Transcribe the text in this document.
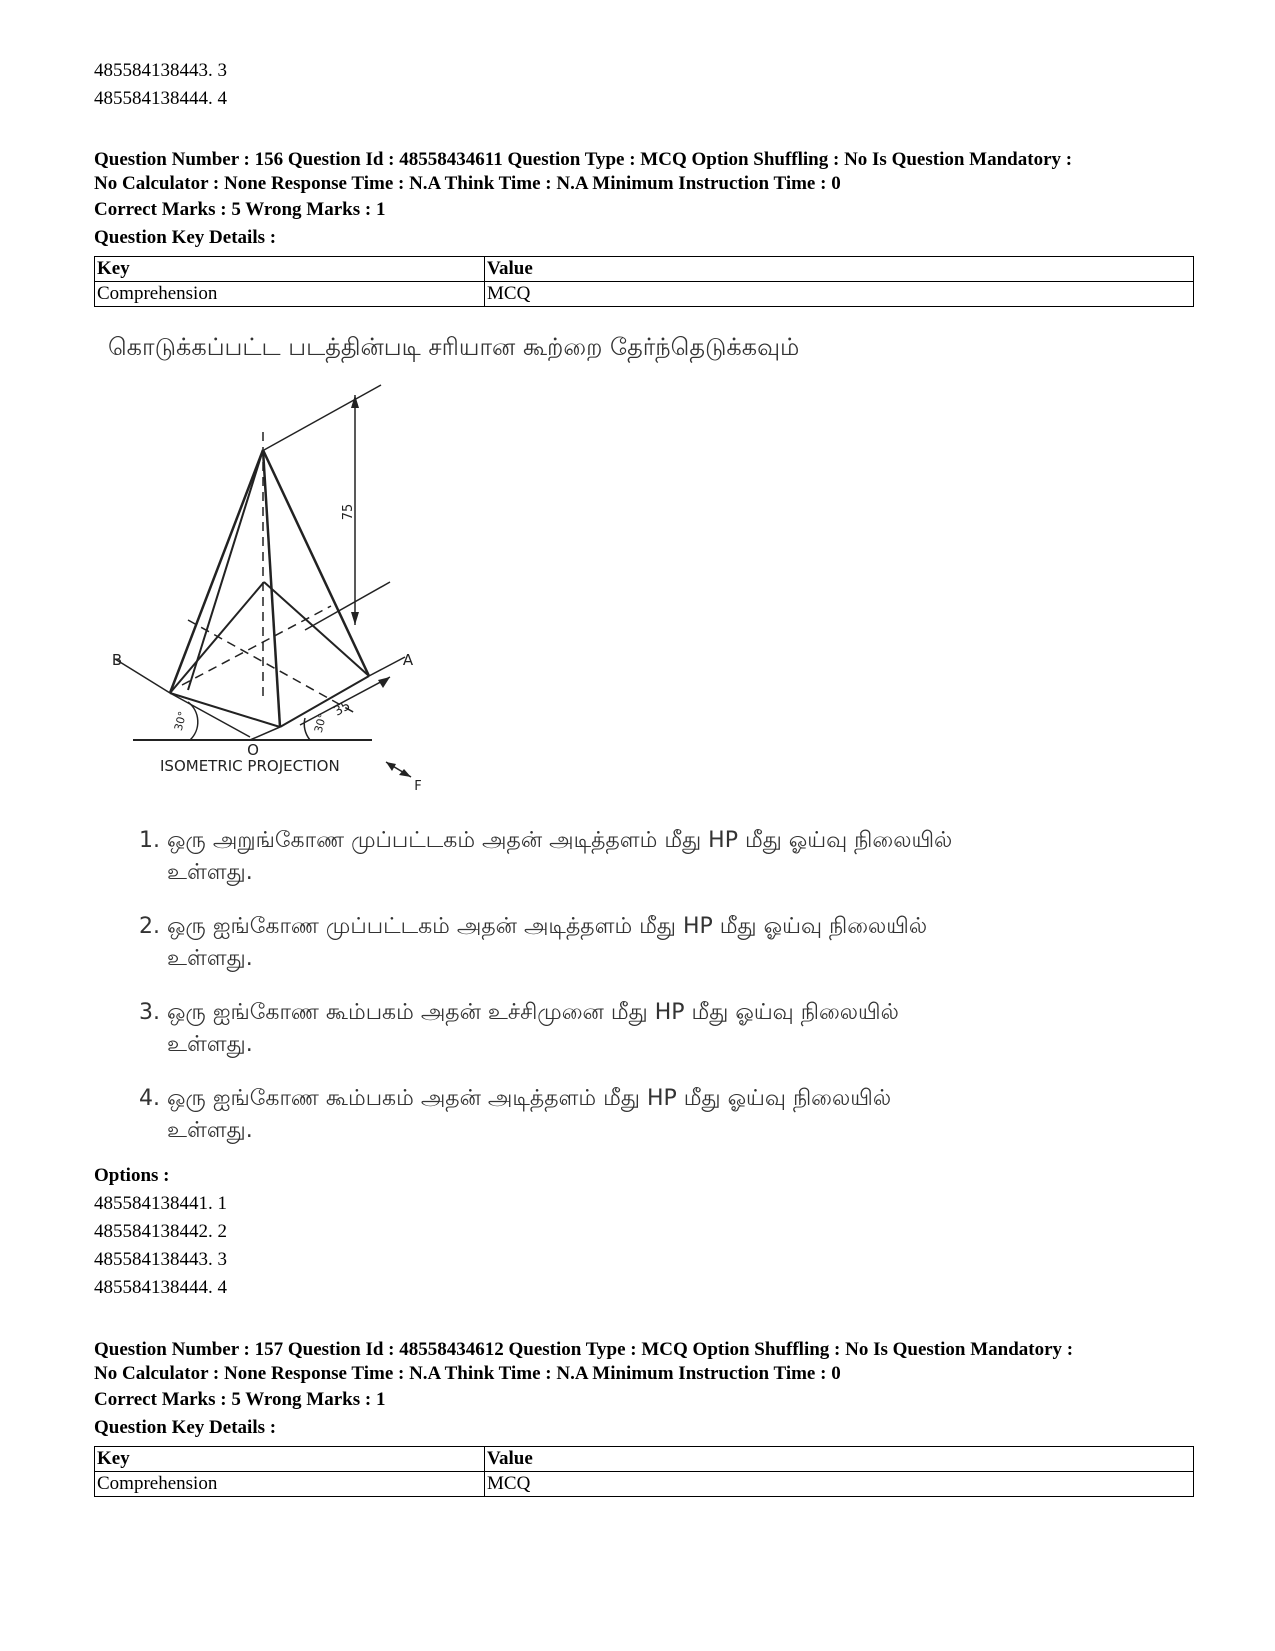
485584138443. 3
485584138444. 4
Question Number : 156 Question Id : 48558434611 Question Type : MCQ Option Shuffling : No Is Question Mandatory :
No Calculator : None Response Time : N.A Think Time : N.A Minimum Instruction Time : 0
Correct Marks : 5 Wrong Marks : 1
Question Key Details :
Key	Value
Comprehension	MCQ
கொடுக்கப்பட்ட படத்தின்படி சரியான கூற்றை தேர்ந்தெடுக்கவும்
B	A
O
F
75
35
30°	30°
ISOMETRIC PROJECTION
1. ஒரு அறுங்கோண முப்பட்டகம் அதன் அடித்தளம் மீது HP மீது ஓய்வு நிலையில்
உள்ளது.
2. ஒரு ஐங்கோண முப்பட்டகம் அதன் அடித்தளம் மீது HP மீது ஓய்வு நிலையில்
உள்ளது.
3. ஒரு ஐங்கோண கூம்பகம் அதன் உச்சிமுனை மீது HP மீது ஓய்வு நிலையில்
உள்ளது.
4. ஒரு ஐங்கோண கூம்பகம் அதன் அடித்தளம் மீது HP மீது ஓய்வு நிலையில்
உள்ளது.
Options :
485584138441. 1
485584138442. 2
485584138443. 3
485584138444. 4
Question Number : 157 Question Id : 48558434612 Question Type : MCQ Option Shuffling : No Is Question Mandatory :
No Calculator : None Response Time : N.A Think Time : N.A Minimum Instruction Time : 0
Correct Marks : 5 Wrong Marks : 1
Question Key Details :
Key	Value
Comprehension	MCQ
